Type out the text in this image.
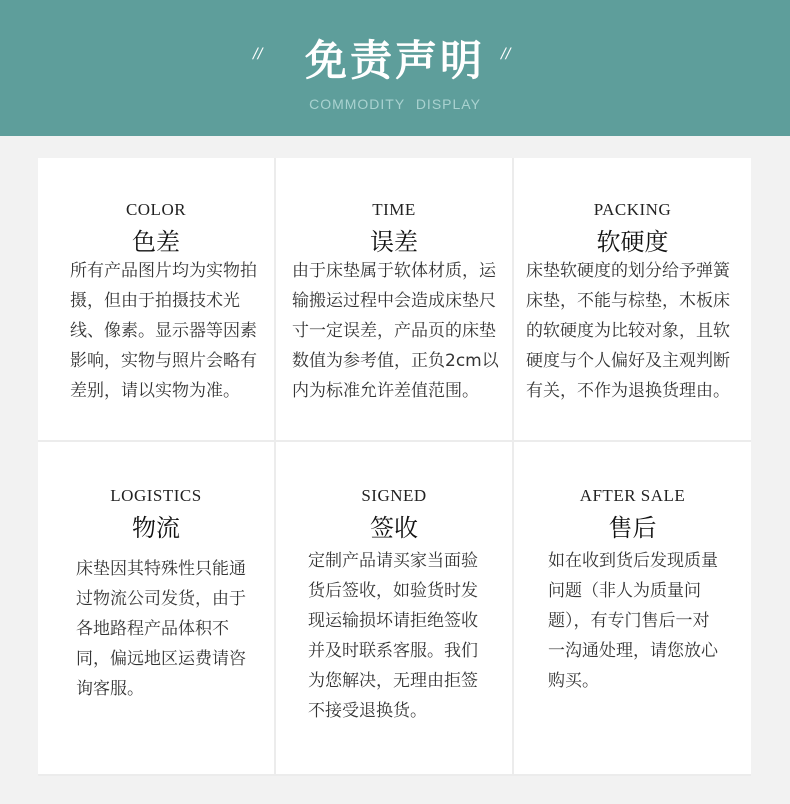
//	免责声明	//
COMMODITY DISPLAY
COLOR
色差
所有产品图片均为实物拍摄，但由于拍摄技术光线、像素。显示器等因素影响，实物与照片会略有差别，请以实物为准。
TIME
误差
由于床垫属于软体材质，运输搬运过程中会造成床垫尺寸一定误差，产品页的床垫数值为参考值，正负2cm以内为标准允许差值范围。
PACKING
软硬度
床垫软硬度的划分给予弹簧床垫，不能与棕垫，木板床的软硬度为比较对象，且软硬度与个人偏好及主观判断有关，不作为退换货理由。
LOGISTICS
物流
床垫因其特殊性只能通过物流公司发货，由于各地路程产品体积不同，偏远地区运费请咨询客服。
SIGNED
签收
定制产品请买家当面验货后签收，如验货时发现运输损坏请拒绝签收并及时联系客服。我们为您解决，无理由拒签不接受退换货。
AFTER SALE
售后
如在收到货后发现质量问题（非人为质量问题），有专门售后一对一沟通处理，请您放心购买。
